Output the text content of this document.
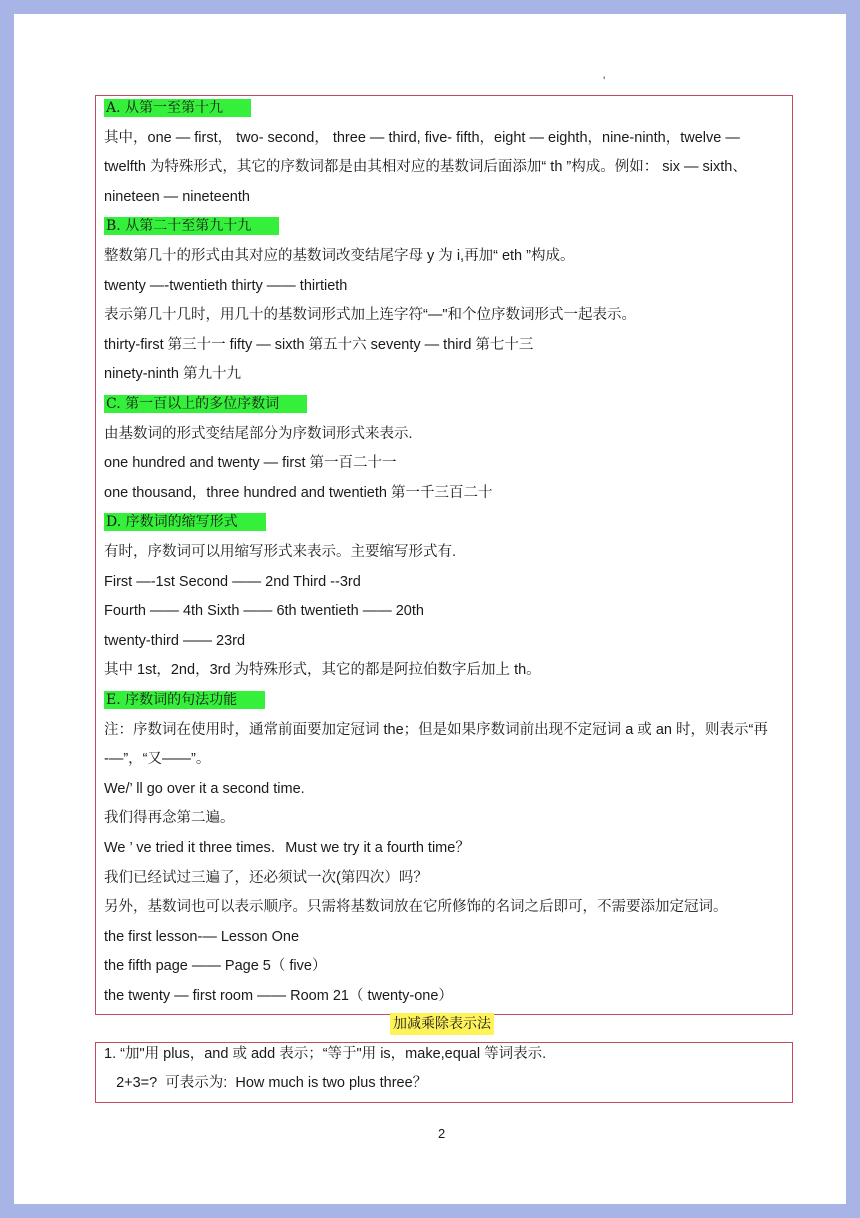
'
A. 从第一至第十九
其中，one — first， two- second， three — third, five- fifth，eight — eighth，nine-ninth，twelve —
twelfth 为特殊形式，其它的序数词都是由其相对应的基数词后面添加“ th ”构成。例如： six — sixth、
nineteen — nineteenth
B. 从第二十至第九十九
整数第几十的形式由其对应的基数词改变结尾字母 y 为 i,再加“ eth ”构成。
twenty —-twentieth thirty —— thirtieth
表示第几十几时，用几十的基数词形式加上连字符“—"和个位序数词形式一起表示。
thirty-first 第三十一 fifty — sixth 第五十六 seventy — third 第七十三
ninety-ninth 第九十九
C. 第一百以上的多位序数词
由基数词的形式变结尾部分为序数词形式来表示.
one hundred and twenty — first 第一百二十一
one thousand，three hundred and twentieth 第一千三百二十
D. 序数词的缩写形式
有时，序数词可以用缩写形式来表示。主要缩写形式有.
First —-1st Second —— 2nd Third --3rd
Fourth —— 4th Sixth —— 6th twentieth —— 20th
twenty-third —— 23rd
其中 1st，2nd，3rd 为特殊形式，其它的都是阿拉伯数字后加上 th。
E. 序数词的句法功能
注：序数词在使用时，通常前面要加定冠词 the；但是如果序数词前出现不定冠词 a 或 an 时，则表示“再
-—”，“又——”。
We/’ ll go over it a second time.
我们得再念第二遍。
We ’ ve tried it three times．Must we try it a fourth time？
我们已经试过三遍了，还必须试一次(第四次）吗？
另外，基数词也可以表示顺序。只需将基数词放在它所修饰的名词之后即可，不需要添加定冠词。
the first lesson-— Lesson One
the fifth page —— Page 5（ five）
the twenty — first room —— Room 21（ twenty-one）
加减乘除表示法
1. “加"用 plus，and 或 add 表示；“等于"用 is，make,equal 等词表示.
2+3=?  可表示为:  How much is two plus three？
2
